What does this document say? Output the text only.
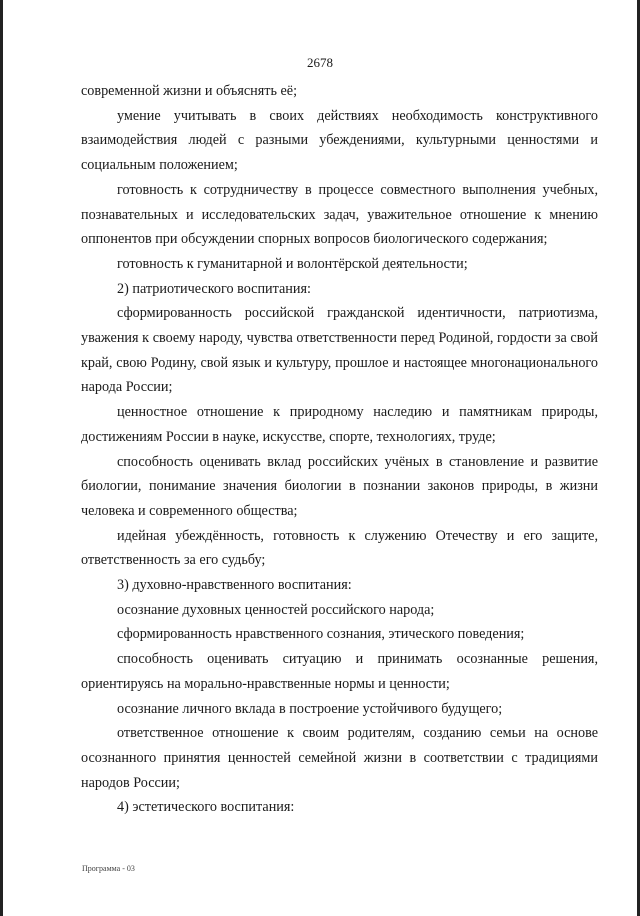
2678

современной жизни и объяснять её;

умение учитывать в своих действиях необходимость конструктивного взаимодействия людей с разными убеждениями, культурными ценностями и социальным положением;

готовность к сотрудничеству в процессе совместного выполнения учебных, познавательных и исследовательских задач, уважительное отношение к мнению оппонентов при обсуждении спорных вопросов биологического содержания;

готовность к гуманитарной и волонтёрской деятельности;

2) патриотического воспитания:

сформированность российской гражданской идентичности, патриотизма, уважения к своему народу, чувства ответственности перед Родиной, гордости за свой край, свою Родину, свой язык и культуру, прошлое и настоящее многонационального народа России;

ценностное отношение к природному наследию и памятникам природы, достижениям России в науке, искусстве, спорте, технологиях, труде;

способность оценивать вклад российских учёных в становление и развитие биологии, понимание значения биологии в познании законов природы, в жизни человека и современного общества;

идейная убеждённость, готовность к служению Отечеству и его защите, ответственность за его судьбу;

3) духовно-нравственного воспитания:

осознание духовных ценностей российского народа;

сформированность нравственного сознания, этического поведения;

способность оценивать ситуацию и принимать осознанные решения, ориентируясь на морально-нравственные нормы и ценности;

осознание личного вклада в построение устойчивого будущего;

ответственное отношение к своим родителям, созданию семьи на основе осознанного принятия ценностей семейной жизни в соответствии с традициями народов России;

4) эстетического воспитания:

Программа - 03
